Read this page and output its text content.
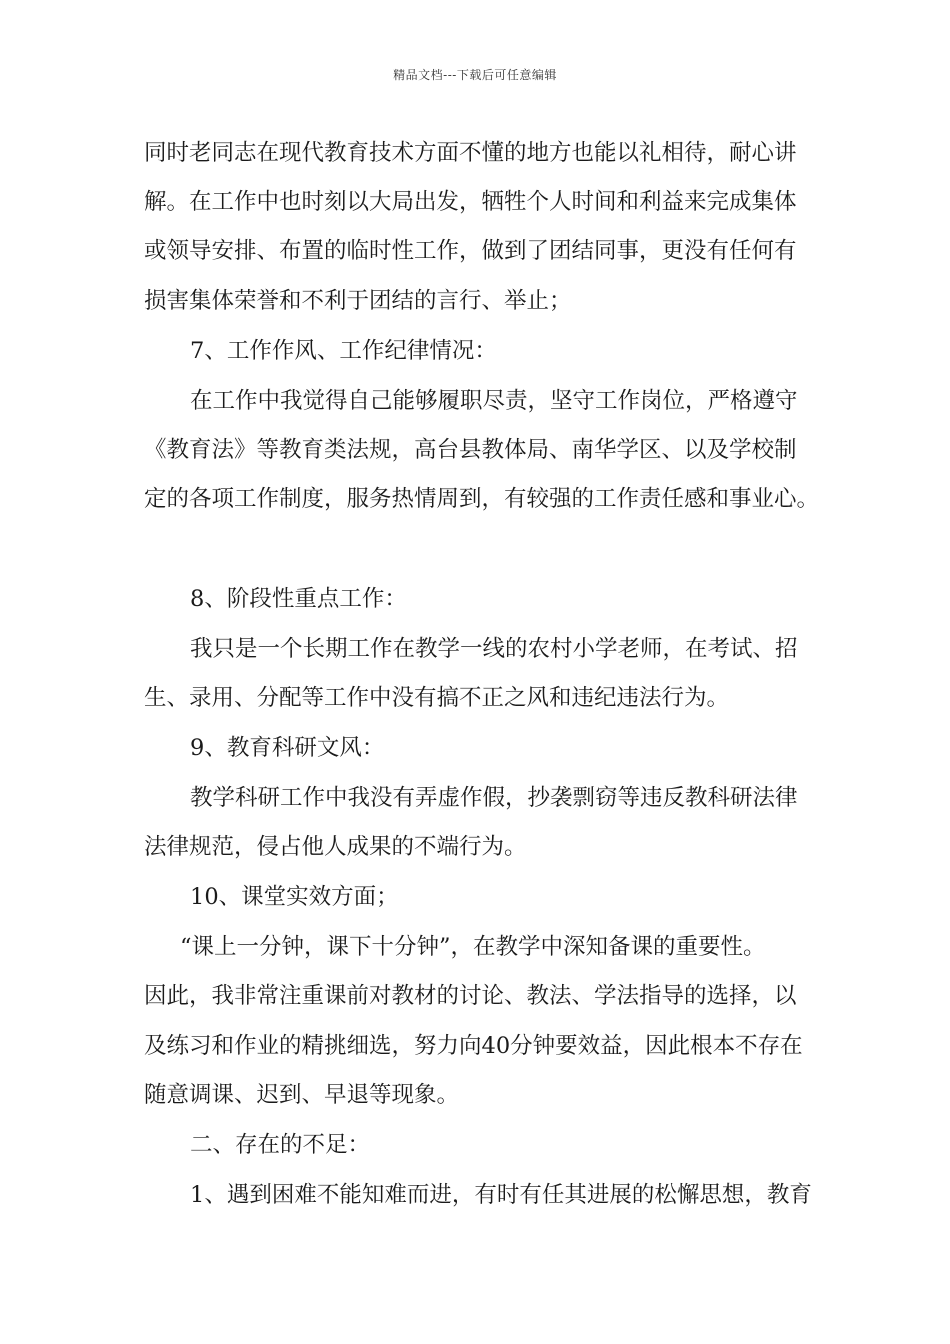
精品文档---下载后可任意编辑
同时老同志在现代教育技术方面不懂的地方也能以礼相待，耐心讲
解。在工作中也时刻以大局出发，牺牲个人时间和利益来完成集体
或领导安排、布置的临时性工作，做到了团结同事，更没有任何有
损害集体荣誉和不利于团结的言行、举止；
7、工作作风、工作纪律情况：
在工作中我觉得自己能够履职尽责，坚守工作岗位，严格遵守
《教育法》等教育类法规，高台县教体局、南华学区、以及学校制
定的各项工作制度，服务热情周到，有较强的工作责任感和事业心。
8、阶段性重点工作：
我只是一个长期工作在教学一线的农村小学老师，在考试、招
生、录用、分配等工作中没有搞不正之风和违纪违法行为。
9、教育科研文风：
教学科研工作中我没有弄虚作假，抄袭剽窃等违反教科研法律
法律规范，侵占他人成果的不端行为。
10、课堂实效方面；
“课上一分钟，课下十分钟”，在教学中深知备课的重要性。
因此，我非常注重课前对教材的讨论、教法、学法指导的选择，以
及练习和作业的精挑细选，努力向40分钟要效益，因此根本不存在
随意调课、迟到、早退等现象。
二、存在的不足：
1、遇到困难不能知难而进，有时有任其进展的松懈思想，教育
